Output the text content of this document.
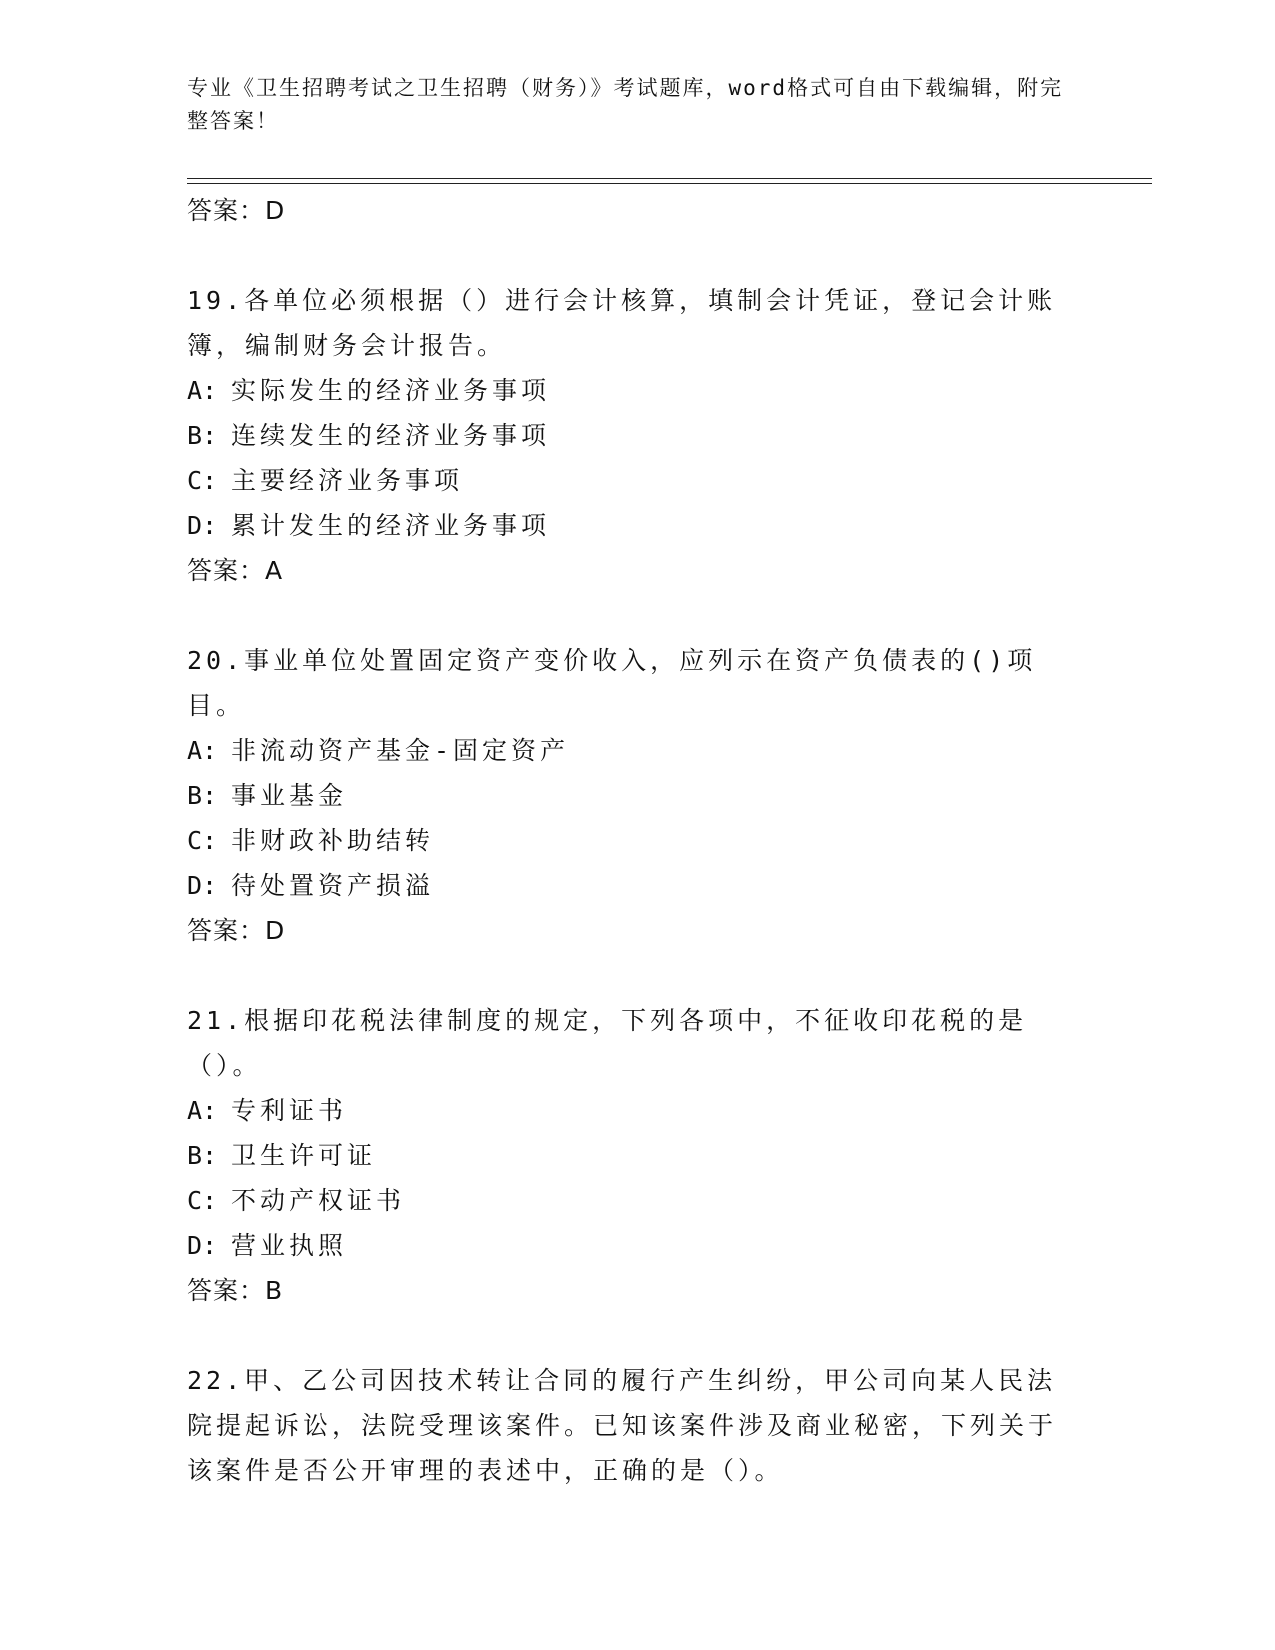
专业《卫生招聘考试之卫生招聘（财务）》考试题库，word格式可自由下载编辑，附完整答案！
答案：D
19.各单位必须根据（）进行会计核算，填制会计凭证，登记会计账簿，编制财务会计报告。
A: 实际发生的经济业务事项
B: 连续发生的经济业务事项
C: 主要经济业务事项
D: 累计发生的经济业务事项
答案：A
20.事业单位处置固定资产变价收入，应列示在资产负债表的()项目。
A: 非流动资产基金-固定资产
B: 事业基金
C: 非财政补助结转
D: 待处置资产损溢
答案：D
21.根据印花税法律制度的规定，下列各项中，不征收印花税的是（）。
A: 专利证书
B: 卫生许可证
C: 不动产权证书
D: 营业执照
答案：B
22.甲、乙公司因技术转让合同的履行产生纠纷，甲公司向某人民法院提起诉讼，法院受理该案件。已知该案件涉及商业秘密，下列关于该案件是否公开审理的表述中，正确的是（）。
